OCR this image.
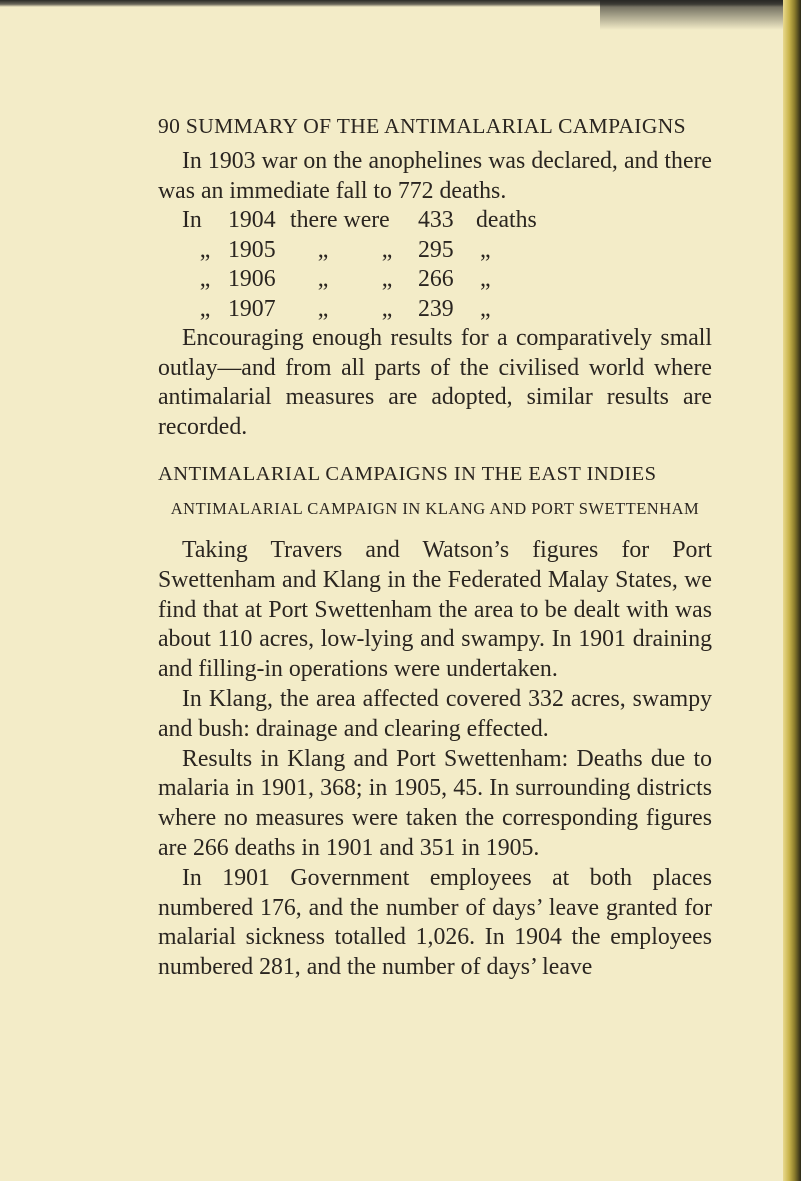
90 SUMMARY OF THE ANTIMALARIAL CAMPAIGNS

In 1903 war on the anophelines was declared, and there was an immediate fall to 772 deaths.

In	1904 there were	433 deaths
„ 1905	„	„	295	„
„ 1906	„	„	266	„
„ 1907	„	„	239	„

Encouraging enough results for a comparatively small outlay—and from all parts of the civilised world where antimalarial measures are adopted, similar results are recorded.

ANTIMALARIAL CAMPAIGNS IN THE EAST INDIES
ANTIMALARIAL CAMPAIGN IN KLANG AND PORT SWETTENHAM

Taking Travers and Watson’s figures for Port Swettenham and Klang in the Federated Malay States, we find that at Port Swettenham the area to be dealt with was about 110 acres, low-lying and swampy. In 1901 draining and filling-in operations were undertaken.

In Klang, the area affected covered 332 acres, swampy and bush: drainage and clearing effected.

Results in Klang and Port Swettenham: Deaths due to malaria in 1901, 368; in 1905, 45. In surrounding districts where no measures were taken the corresponding figures are 266 deaths in 1901 and 351 in 1905.

In 1901 Government employees at both places numbered 176, and the number of days’ leave granted for malarial sickness totalled 1,026. In 1904 the employees numbered 281, and the number of days’ leave
